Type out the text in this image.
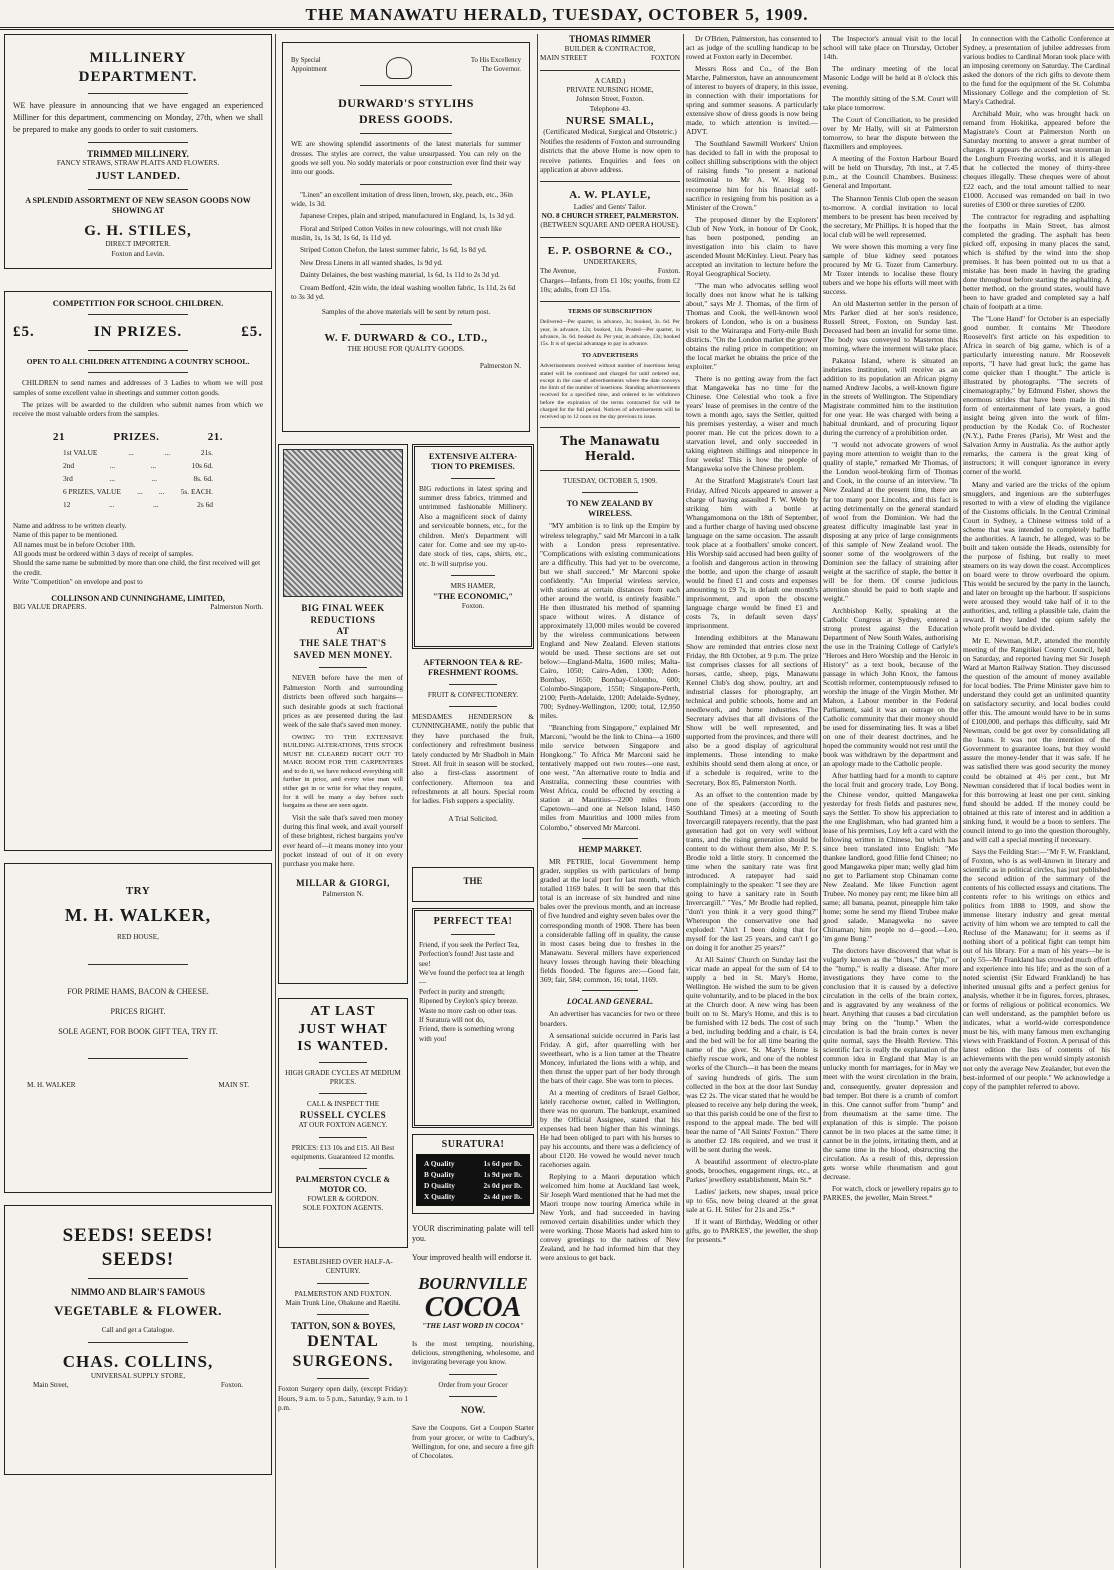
THE MANAWATU HERALD, TUESDAY, OCTOBER 5, 1909.
MILLINERY
DEPARTMENT.
WE have pleasure in announcing that we have engaged an experienced Milliner for this department, commencing on Monday, 27th, when we shall be prepared to make any goods to order to suit customers.
TRIMMED MILLINERY.
FANCY STRAWS, STRAW PLAITS AND FLOWERS.
JUST LANDED.
A SPLENDID ASSORTMENT OF NEW SEASON GOODS NOW SHOWING AT
G. H. STILES,
DIRECT IMPORTER.
Foxton and Levin.
COMPETITION FOR SCHOOL CHILDREN.
£5.	IN PRIZES.	£5.
OPEN TO ALL CHILDREN ATTENDING A COUNTRY SCHOOL.
CHILDREN to send names and addresses of 3 Ladies to whom we will post samples of some excellent value in sheetings and summer cotton goods.
The prizes will be awarded to the children who submit names from which we receive the most valuable orders from the samples.
21	PRIZES.	21.
1st VALUE	...	...	21s.
2nd	...	...	10s 6d.
3rd	...	...	8s. 6d.
6 PRIZES, VALUE ... ... 5s. EACH.
12	...	...	2s 6d
Name and address to be written clearly.
Name of this paper to be mentioned.
All names must be in before October 10th.
All goods must be ordered within 3 days of receipt of samples.
Should the same name be submitted by more than one child, the first received will get the credit.
Write "Competition" on envelope and post to
COLLINSON AND CUNNINGHAME, LIMITED,
BIG VALUE DRAPERS.	Palmerston North.
TRY
M. H. WALKER,
RED HOUSE,
FOR PRIME HAMS, BACON & CHEESE.
PRICES RIGHT.
SOLE AGENT, FOR BOOK GIFT TEA, TRY IT.
M. H. WALKER	MAIN ST.
SEEDS! SEEDS!
SEEDS!
NIMMO AND BLAIR'S FAMOUS
VEGETABLE & FLOWER.
Call and get a Catalogue.
CHAS. COLLINS,
UNIVERSAL SUPPLY STORE,
Main Street,	Foxton.
By Special
Appointment
To His Excellency
The Governor.
DURWARD'S STYLIHS
DRESS GOODS.
WE are showing splendid assortments of the latest materials for summer dresses. The styles are correct, the value unsurpassed. You can rely on the goods we sell you. No soddy materials or poor construction ever find their way into our goods.
"Linen" an excellent imitation of dress linen, brown, sky, peach, etc., 36in wide, 1s 3d.
Japanese Crepes, plain and striped, manufactured in England, 1s, 1s 3d yd.
Floral and Striped Cotton Voiles in new colourings, will not crush like muslin, 1s, 1s 3d, 1s 6d, 1s 11d yd.
Striped Cotton Chefon, the latest summer fabric, 1s 6d, 1s 8d yd.
New Dress Linens in all wanted shades, 1s 9d yd.
Dainty Delaines, the best washing material, 1s 6d, 1s 11d to 2s 3d yd.
Cream Bedford, 42in wide, the ideal washing woollen fabric, 1s 11d, 2s 6d to 3s 3d yd.
Samples of the above materials will be sent by return post.
W. F. DURWARD & CO., LTD.,
THE HOUSE FOR QUALITY GOODS.
Palmerston N.
BIG FINAL WEEK
REDUCTIONS
AT
THE SALE THAT'S
SAVED MEN MONEY.
NEVER before have the men of Palmerston North and surrounding districts been offered such bargains—such desirable goods at such fractional prices as are presented during the last week of the sale that's saved men money.
OWING TO THE EXTENSIVE BUILDING ALTERATIONS, THIS STOCK MUST BE CLEARED RIGHT OUT TO MAKE ROOM FOR THE CARPENTERS and to do it, we have reduced everything still further in price, and every wise man will either get in or write for what they require, for it will be many a day before such bargains as these are seen again.
Visit the sale that's saved men money during this final week, and avail yourself of these brightest, richest bargains you've ever heard of—it means money into your pocket instead of out of it on every purchase you make here.
MILLAR & GIORGI,
Palmerston N.
AT LAST
JUST WHAT
IS WANTED.
HIGH GRADE CYCLES AT MEDIUM PRICES.
CALL & INSPECT THE
RUSSELL CYCLES
AT OUR FOXTON AGENCY.
PRICES: £13 10s and £15. All Best equipments. Guaranteed 12 months.
PALMERSTON CYCLE & MOTOR CO.
FOWLER & GORDON.
SOLE FOXTON AGENTS.
ESTABLISHED OVER HALF-A-CENTURY.
PALMERSTON AND FOXTON.
Main Trunk Line, Ohakune and Raetihi.
TATTON, SON & BOYES,
DENTAL
SURGEONS.
Foxton Surgery open daily, (except Friday): Hours, 9 a.m. to 5 p.m., Saturday, 9 a.m. to 1 p.m.
EXTENSIVE ALTERA-
TION TO PREMISES.
BIG reductions in latest spring and summer dress fabrics, trimmed and untrimmed fashionable Millinery. Also a magnificent stock of dainty and serviceable bonnets, etc., for the children. Men's Department will cater for. Come and see my up-to-date stock of ties, caps, shirts, etc., etc. It will surprise you.
MRS HAMER,
"THE ECONOMIC,"
Foxton.
AFTERNOON TEA & RE-
FRESHMENT ROOMS.
FRUIT & CONFECTIONERY.
MESDAMES HENDERSON & CUNNINGHAME, notify the public that they have purchased the fruit, confectionery and refreshment business lately conducted by Mr Shadbolt in Main Street. All fruit in season will be stocked, also a first-class assortment of confectionery. Afternoon tea and refreshments at all hours. Special room for ladies. Fish suppers a speciality.
A Trial Solicited.
THE
PERFECT TEA!
Friend, if you seek the Perfect Tea,
Perfection's found! Just taste and see!
We've found the perfect tea at length—
Perfect in purity and strength;
Ripened by Ceylon's spicy breeze.
Waste no more cash on other teas.
If Suratura will not do,
Friend, there is something wrong with you!
SURATURA!
A Quality	1s 6d per lb.
B Quality	1s 9d per lb.
D Quality	2s 0d per lb.
X Quality	2s 4d per lb.
YOUR discriminating palate will tell you.
Your improved health will endorse it.
BOURNVILLE
COCOA
"THE LAST WORD IN COCOA"
Is the most tempting, nourishing, delicious, strengthening, wholesome, and invigorating beverage you know.
Order from your Grocer
NOW.
Save the Coupons. Get a Coupon Starter from your grocer, or write to Cadbury's, Wellington, for one, and secure a free gift of Chocolates.
THOMAS RIMMER
BUILDER & CONTRACTOR,
MAIN STREET	FOXTON
A CARD.)
PRIVATE NURSING HOME,
Johnson Street, Foxton.
Telephone 43.
NURSE SMALL,
(Certificated Medical, Surgical and Obstetric.)
Notifies the residents of Foxton and surrounding districts that the above Home is now open to receive patients. Enquiries and fees on application at above address.
A. W. PLAYLE,
Ladies' and Gents' Tailor.
NO. 8 CHURCH STREET, PALMERSTON.
(BETWEEN SQUARE AND OPERA HOUSE).
E. P. OSBORNE & CO.,
UNDERTAKERS,
The Avenue,	Foxton.
Charges—Infants, from £1 10s; youths, from £2 10s; adults, from £3 15s.
TERMS OF SUBSCRIPTION
Delivered—Per quarter, in advance, 3s; booked, 3s. 6d. Per year, in advance, 12s; booked, 14s. Posted—Per quarter, in advance, 3s. 6d. booked 4s. Per year, in advance, 13s; booked 15s. It is of special advantage to pay in advance.
TO ADVERTISERS
Advertisements received without number of insertions being stated will be continued and charged for until ordered out, except in the case of advertisements where the date conveys the limit of the number of insertions. Standing advertisements received for a specified time, and ordered to be withdrawn before the expiration of the terms contracted for will be charged for the full period. Notices of advertisements will be received up to 12 noon on the day previous to issue.
The Manawatu Herald.
TUESDAY, OCTOBER 5, 1909.
TO NEW ZEALAND BY
WIRELESS.
"MY ambition is to link up the Empire by wireless telegraphy," said Mr Marconi in a talk with a London press representative. "Complications with existing communications are a difficulty. This had yet to be overcome, but we shall succeed." Mr Marconi spoke confidently. "An Imperial wireless service, with stations at certain distances from each other around the world, is entirely feasible." He then illustrated his method of spanning space without wires. A distance of approximately 13,000 miles would be covered by the wireless communications between England and New Zealand. Eleven stations would be used. These sections are set out below:—England-Malta, 1600 miles; Malta-Cairo, 1050; Cairo-Aden, 1300; Aden-Bombay, 1650; Bombay-Colombo, 600; Colombo-Singapore, 1550; Singapore-Perth, 2100; Perth-Adelaide, 1200; Adelaide-Sydney, 700; Sydney-Wellington, 1200; total, 12,950 miles.
"Branching from Singapore," explained Mr Marconi, "would be the link to China—a 1600 mile service between Singapore and Hongkong." To Africa Mr Marconi said he tentatively mapped out two routes—one east, one west. "An alternative route to India and Australia, connecting these countries with West Africa, could be effected by erecting a station at Mauritius—2200 miles from Capetown—and one at Nelson Island, 1450 miles from Mauritius and 1000 miles from Colombo," observed Mr Marconi.
HEMP MARKET.
MR PETRIE, local Government hemp grader, supplies us with particulars of hemp graded at the local port for last month, which totalled 1169 bales. It will be seen that this total is an increase of six hundred and nine bales over the previous month, and an increase of five hundred and eighty seven bales over the corresponding month of 1908. There has been a considerable falling off in quality, the cause in most cases being due to freshes in the Manawatu. Several millers have experienced heavy losses through having their bleaching fields flooded. The figures are:—Good fair, 369; fair, 584; common, 16; total, 1169.
LOCAL AND GENERAL.
An advertiser has vacancies for two or three boarders.
A sensational suicide occurred in Paris last Friday. A girl, after quarrelling with her sweetheart, who is a lion tamer at the Theatre Moncey, infuriated the lions with a whip, and then thrust the upper part of her body through the bars of their cage. She was torn to pieces.
At a meeting of creditors of Israel Gelbor, lately racehorse owner, called in Wellington, there was no quorum. The bankrupt, examined by the Official Assignee, stated that his expenses had been higher than his winnings. He had been obliged to part with his horses to pay his accounts, and there was a deficiency of about £120. He vowed he would never touch racehorses again.
Replying to a Maori deputation which welcomed him home at Auckland last week, Sir Joseph Ward mentioned that he had met the Maori troupe now touring America while in New York, and had succeeded in having removed certain disabilities under which they were working. Those Maoris had asked him to convey greetings to the natives of New Zealand, and he had informed him that they were anxious to get back.
Dr O'Brien, Palmerston, has consented to act as judge of the sculling handicap to be rowed at Foxton early in December.
Messrs Ross and Co., of the Bon Marche, Palmerston, have an announcement of interest to buyers of drapery, in this issue, in connection with their importations for spring and summer seasons. A particularly extensive show of dress goods is now being made, to which attention is invited.—ADVT.
The Southland Sawmill Workers' Union has decided to fall in with the proposal to collect shilling subscriptions with the object of raising funds "to present a national testimonial to Mr A. W. Hogg to recompense him for his financial self-sacrifice in resigning from his position as a Minister of the Crown."
The proposed dinner by the Explorers' Club of New York, in honour of Dr Cook, has been postponed, pending an investigation into his claim to have ascended Mount McKinley. Lieut. Peary has accepted an invitation to lecture before the Royal Geographical Society.
"The man who advocates selling wool locally does not know what he is talking about," says Mr J. Thomas, of the firm of Thomas and Cook, the well-known wool brokers of London, who is on a business visit to the Wairarapa and Forty-mile Bush districts. "On the London market the grower obtains the ruling price in competition; on the local market he obtains the price of the exploiter."
There is no getting away from the fact that Mangaweka has no time for the Chinese. One Celestial who took a five years' lease of premises in the centre of the town a month ago, says the Settler, quitted his premises yesterday, a wiser and much poorer man. He cut the prices down to a starvation level, and only succeeded in taking eighteen shillings and ninepence in four weeks! This is how the people of Mangaweka solve the Chinese problem.
At the Stratford Magistrate's Court last Friday, Alfred Nicols appeared to answer a charge of having assaulted F. W. Webb by striking him with a bottle at Whangamomona on the 18th of September, and a further charge of having used obscene language on the same occasion. The assault took place at a footballers' smoke concert. His Worship said accused had been guilty of a foolish and dangerous action in throwing the bottle, and upon the charge of assault would be fined £1 and costs and expenses amounting to £9 7s, in default one month's imprisonment, and upon the obscene language charge would be fined £1 and costs 7s, in default seven days' imprisonment.
Intending exhibitors at the Manawatu Show are reminded that entries close next Friday, the 8th October, at 9 p.m. The prize list comprises classes for all sections of horses, cattle, sheep, pigs, Manawatu Kennel Club's dog show, poultry, art and industrial classes for photography, art technical and public schools, home and art needlework, and home industries. The Secretary advises that all divisions of the Show will be well represented, and supported from the provinces, and there will also be a good display of agricultural implements. Those intending to make exhibits should send them along at once, or if a schedule is required, write to the Secretary, Box 85, Palmerston North.
As an offset to the contention made by one of the speakers (according to the Southland Times) at a meeting of South Invercargill ratepayers recently, that the past generation had got on very well without trams, and the rising generation should be content to do without them also, Mr P. S. Brodie told a little story. It concerned the time when the sanitary rate was first introduced. A ratepayer had said complainingly to the speaker: "I see they are going to have a sanitary rate in South Invercargill." "Yes," Mr Brodie had replied, "don't you think it a very good thing?" Whereupon the conservative one had exploded: "Ain't I been doing that for myself for the last 25 years, and can't I go on doing it for another 25 years?"
At All Saints' Church on Sunday last the vicar made an appeal for the sum of £4 to supply a bed in St. Mary's Home, Wellington. He wished the sum to be given quite voluntarily, and to be placed in the box at the Church door. A new wing has been built on to St. Mary's Home, and this is to be furnished with 12 beds. The cost of such a bed, including bedding and a chair, is £4, and the bed will be for all time bearing the name of the giver. St. Mary's Home is chiefly rescue work, and one of the noblest works of the Church—it has been the means of saving hundreds of girls. The sum collected in the box at the door last Sunday was £2 2s. The vicar stated that he would be pleased to receive any help during the week, so that this parish could be one of the first to respond to the appeal made. The bed will bear the name of "All Saints' Foxton." There is another £2 18s required, and we trust it will be sent during the week.
A beautiful assortment of electro-plate goods, brooches, engagement rings, etc., at Parkes' jewellery establishment, Main St.*
Ladies' jackets, new shapes, usual price up to 65s, now being cleared at the great sale at G. H. Stiles' for 21s and 25s.*
If it want of Birthday, Wedding or other gifts, go to PARKES', the jeweller, the shop for presents.*
The Inspector's annual visit to the local school will take place on Thursday, October 14th.
The ordinary meeting of the local Masonic Lodge will be held at 8 o'clock this evening.
The monthly sitting of the S.M. Court will take place tomorrow.
The Court of Conciliation, to be presided over by Mr Hally, will sit at Palmerston tomorrow, to hear the dispute between the flaxmillers and employees.
A meeting of the Foxton Harbour Board will be held on Thursday, 7th inst., at 7.45 p.m., at the Council Chambers. Business: General and Important.
The Shannon Tennis Club open the season to-morrow. A cordial invitation to local members to be present has been received by the secretary, Mr Phillips. It is hoped that the local club will be well represented.
We were shown this morning a very fine sample of blue kidney seed potatoes procured by Mr G. Tozer from Canterbury. Mr Tozer intends to localise these floury tubers and we hope his efforts will meet with success.
An old Masterton settler in the person of Mrs Parker died at her son's residence, Russell Street, Foxton, on Sunday last. Deceased had been an invalid for some time. The body was conveyed to Masterton this morning, where the interment will take place.
Pakatoa Island, where is situated an inebriates institution, will receive as an addition to its population an African pigmy named Andrew Jacobs, a well-known figure in the streets of Wellington. The Stipendiary Magistrate committed him to the institution for one year. He was charged with being a habitual drunkard, and of procuring liquor during the currency of a prohibition order.
"I would not advocate growers of wool paying more attention to weight than to the quality of staple," remarked Mr Thomas, of the London wool-broking firm of Thomas and Cook, in the course of an interview. "In New Zealand at the present time, there are far too many poor Lincolns, and this fact is acting detrimentally on the general standard of wool from the Dominion. We had the greatest difficulty imaginable last year in disposing at any price of large consignments of this sample of New Zealand wool. The sooner some of the woolgrowers of the Dominion see the fallacy of straining after weight at the sacrifice of staple, the better it will be for them. Of course judicious attention should be paid to both staple and weight."
Archbishop Kelly, speaking at the Catholic Congress at Sydney, entered a strong protest against the Education Department of New South Wales, authorising the use in the Training College of Carlyle's "Heroes and Hero Worship and the Heroic in History" as a text book, because of the passage in which John Knox, the famous Scottish reformer, contemptuously refused to worship the image of the Virgin Mother. Mr Mahon, a Labour member in the Federal Parliament, said it was an outrage on the Catholic community that their money should be used for disseminating lies. It was a libel on one of their dearest doctrines, and he hoped the community would not rest until the book was withdrawn by the department and an apology made to the Catholic people.
After battling hard for a month to capture the local fruit and grocery trade, Loy Bong, the Chinese vendor, quitted Mangaweka yesterday for fresh fields and pastures new, says the Settler. To show his appreciation to the one Englishman, who had granted him a lease of his premises, Loy left a card with the following written in Chinese, but which has since been translated into English: "Me thankee landlord, good fillie fend Chinee; no good Mangaweka piper man; welly glad him no get to Parliament stop Chinaman come New Zealand. Me likee Function agent Trubee. No money pay rent; me likee him all same; all banana, peanut, pineapple him take home; some he send my fliend Trubee make good salade. Managweka no savee Chinaman; him people no d—good.—Leo, 'im gone Bung.'"
The doctors have discovered that what is vulgarly known as the "blues," the "pip," or the "hump," is really a disease. After more investigations they have come to the conclusion that it is caused by a defective circulation in the cells of the brain cortex, and is aggravated by any weakness of the heart. Anything that causes a bad circulation may bring on the "hump." When the circulation is bad the brain cortex is never quite normal, says the Health Review. This scientific fact is really the explanation of the common idea in England that May is an unlucky month for marriages, for in May we meet with the worst circulation in the brain, and, consequently, greater depression and bad temper. But there is a crumb of comfort in this. One cannot suffer from "hump" and from rheumatism at the same time. The explanation of this is simple. The poison cannot be in two places at the same time; it cannot be in the joints, irritating them, and at the same time in the blood, obstructing the circulation. As a result of this, depression gets worse while rheumatism and gout decrease.
For watch, clock or jewellery repairs go to PARKES, the jeweller, Main Street.*
In connection with the Catholic Conference at Sydney, a presentation of jubilee addresses from various bodies to Cardinal Moran took place with an imposing ceremony on Saturday. The Cardinal asked the donors of the rich gifts to devote them to the fund for the equipment of the St. Columba Missionary College and the completion of St. Mary's Cathedral.
Archibald Muir, who was brought back on remand from Hokitika, appeared before the Magistrate's Court at Palmerston North on Saturday morning to answer a great number of charges. It appears the accused was storeman in the Longburn Freezing works, and it is alleged that he collected the money of thirty-three cheques illegally. These cheques were of about £22 each, and the total amount tallied to near £1000. Accused was remanded on bail in two sureties of £300 or three sureties of £200.
The contractor for regrading and asphalting the footpaths in Main Street, has almost completed the grading. The asphalt has been picked off, exposing in many places the sand, which is shifted by the wind into the shop premises. It has been pointed out to us that a mistake has been made in having the grading done throughout before starting the asphalting. A better method, on the ground states, would have been to have graded and completed say a half chain of footpath at a time.
The "Lone Hand" for October is an especially good number. It contains Mr Theodore Roosevelt's first article on his expedition to Africa in search of big game, which is of a particularly interesting nature. Mr Roosevelt reports, "I have had great luck; the game has come quicker than I thought." The article is illustrated by photographs. "The secrets of cinematography," by Edmund Fisher, shows the enormous strides that have been made in this form of entertainment of late years, a good insight being given into the work of film-production by the Kodak Co. of Rochester (N.Y.), Pathe Freres (Paris), Mr West and the Salvation Army in Australia. As the author aptly remarks, the camera is the great king of instructors; it will conquer ignorance in every corner of the world.
Many and varied are the tricks of the opium smugglers, and ingenious are the subterfuges resorted to with a view of eluding the vigilance of the Customs officials. In the Central Criminal Court in Sydney, a Chinese witness told of a scheme that was intended to completely baffle the authorities. A launch, he alleged, was to be built and taken outside the Heads, ostensibly for the purpose of fishing, but really to meet steamers on its way down the coast. Accomplices on board were to throw overboard the opium. This would be secured by the party in the launch, and later on brought up the harbour. If suspicions were aroused they would take half of it to the authorities, and, telling a plausible tale, claim the reward. If they landed the opium safely the whole profit would be divided.
Mr E. Newman, M.P., attended the monthly meeting of the Rangitikei County Council, held on Saturday, and reported having met Sir Joseph Ward at Marton Railway Station. They discussed the question of the amount of money available for local bodies. The Prime Minister gave him to understand they could get an unlimited quantity on satisfactory security, and local bodies could offer this. The amount would have to be in sums of £100,000, and perhaps this difficulty, said Mr Newman, could be got over by consolidating all the loans. It was not the intention of the Government to guarantee loans, but they would assure the money-lender that it was safe. If he was satisfied there was good security the money could be obtained at 4½ per cent., but Mr Newman considered that if local bodies went in for this borrowing at least one per cent. sinking fund should be added. If the money could be obtained at this rate of interest and in addition a sinking fund, it would be a boon to settlers. The council intend to go into the question thoroughly, and will call a special meeting if necessary.
Says the Feilding Star:—"Mr F. W. Frankland, of Foxton, who is as well-known in literary and scientific as in political circles, has just published the second edition of the summary of the contents of his collected essays and citations. The contents refer to his writings on ethics and politics from 1888 to 1909, and show the immense literary industry and great mental activity of him whom we are tempted to call the Recluse of the Manawatu; for it seems as if nothing short of a political fight can tempt him out of his library. For a man of his years—he is only 55—Mr Frankland has crowded much effort and experience into his life; and as the son of a noted scientist (Sir Edward Frankland) he has inherited unusual gifts and a perfect genius for analysis, whether it be in figures, forces, phrases, or forms of religious or political economics. We can well understand, as the pamphlet before us indicates, what a world-wide correspondence must be his, with many famous men exchanging views with Frankland of Foxton. A perusal of this latest edition the lists of contents of his achievements with the pen would simply astonish not only the average New Zealander, but even the best-informed of our people." We acknowledge a copy of the pamphlet referred to above.
